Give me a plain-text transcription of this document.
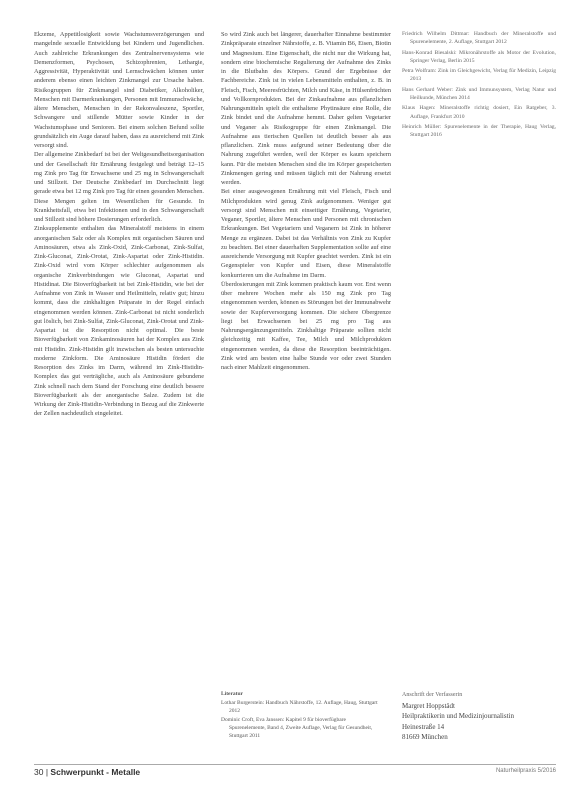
Ekzeme, Appetitlosigkeit sowie Wachstumsverzögerungen und mangelnde sexuelle Entwicklung bei Kindern und Jugendlichen. Auch zahlreiche Erkrankungen des Zentralnervensystems wie Demenzformen, Psychosen, Schizophrenien, Lethargie, Aggressivität, Hyperaktivität und Lernschwächen können unter anderem ebenso einen leichten Zinkmangel zur Ursache haben. Risikogruppen für Zinkmangel sind Diabetiker, Alkoholiker, Menschen mit Darmerkrankungen, Personen mit Immunschwäche, ältere Menschen, Menschen in der Rekonvaleszenz, Sportler, Schwangere und stillende Mütter sowie Kinder in der Wachstumsphase und Senioren. Bei einem solchen Befund sollte grundsätzlich ein Auge darauf haben, dass zu ausreichend mit Zink versorgt sind.

Der allgemeine Zinkbedarf ist bei der Weltgesundheitsorganisation und der Gesellschaft für Ernährung festgelegt und beträgt 12–15 mg Zink pro Tag für Erwachsene und 25 mg in Schwangerschaft und Stillzeit. Der Deutsche Zinkbedarf im Durchschnitt liegt gerade etwa bei 12 mg Zink pro Tag für einen gesunden Menschen. Diese Mengen gelten im Wesentlichen für Gesunde. In Krankheitsfall, etwa bei Infektionen und in den Schwangerschaft und Stillzeit sind höhere Dosierungen erforderlich.

Zinksupplemente enthalten das Mineralstoff meistens in einem anorganischen Salz oder als Komplex mit organischen Säuren und Aminosäuren, etwa als Zink-Oxid, Zink-Carbonat, Zink-Sulfat, Zink-Gluconat, Zink-Orotat, Zink-Aspartat oder Zink-Histidin. Zink-Oxid wird vom Körper schlechter aufgenommen als organische Zinkverbindungen wie Gluconat, Aspartat und Histidinat. Die Bioverfügbarkeit ist bei Zink-Histidin, wie bei der Aufnahme von Zink in Wasser und Heilmitteln, relativ gut; hinzu kommt, dass die zinkhaltigen Präparate in der Regel einfach eingenommen werden können. Zink-Carbonat ist nicht sonderlich gut löslich, bei Zink-Sulfat, Zink-Gluconat, Zink-Orotat und Zink-Aspartat ist die Resorption nicht optimal. Die beste Bioverfügbarkeit von Zinkaminosäuren hat der Komplex aus Zink mit Histidin. Zink-Histidin gilt inzwischen als besten untersuchte moderne Zinkform. Die Aminosäure Histidin fördert die Resorption des Zinks im Darm, während im Zink-Histidin-Komplex das gut verträgliche, auch als Aminosäure gebundene Zink schnell nach dem Stand der Forschung eine deutlich bessere Bioverfügbarkeit als der anorganische Salze. Zudem ist die Wirkung der Zink-Histidin-Verbindung in Bezug auf die Zinkwerte der Zellen nachdeutlich eingeleitet.

So wird Zink auch bei längerer, dauerhafter Einnahme bestimmter Zinkpräparate einzelner Nährstoffe, z. B. Vitamin B6, Eisen, Biotin und Magnesium. Eine Eigenschaft, die nicht nur die Wirkung hat, sondern eine biochemische Regulierung der Aufnahme des Zinks in die Blutbahn des Körpers. Grund der Ergebnisse der Fachbereiche. Zink ist in vielen Lebensmitteln enthalten, z. B. in Fleisch, Fisch, Meeresfrüchten, Milch und Käse, in Hülsenfrüchten und Vollkornprodukten. Bei der Zinkaufnahme aus pflanzlichen Nahrungsmitteln spielt die enthaltene Phytinsäure eine Rolle, die Zink bindet und die Aufnahme hemmt. Daher gelten Vegetarier und Veganer als Risikogruppe für einen Zinkmangel. Die Aufnahme aus tierischen Quellen ist deutlich besser als aus pflanzlichen. Zink muss aufgrund seiner Bedeutung über die Nahrung zugeführt werden, weil der Körper es kaum speichern kann. Für die meisten Menschen sind die im Körper gespeicherten Zinkmengen gering und müssen täglich mit der Nahrung ersetzt werden.

Bei einer ausgewogenen Ernährung mit viel Fleisch, Fisch und Milchprodukten wird genug Zink aufgenommen. Weniger gut versorgt sind Menschen mit einseitiger Ernährung, Vegetarier, Veganer, Sportler, ältere Menschen und Personen mit chronischen Erkrankungen. Bei Vegetariern und Veganern ist Zink in höherer Menge zu ergänzen. Dabei ist das Verhältnis von Zink zu Kupfer zu beachten. Bei einer dauerhaften Supplementation sollte auf eine ausreichende Versorgung mit Kupfer geachtet werden. Zink ist ein Gegenspieler von Kupfer und Eisen, diese Mineralstoffe konkurrieren um die Aufnahme im Darm.

Überdosierungen mit Zink kommen praktisch kaum vor. Erst wenn über mehrere Wochen mehr als 150 mg Zink pro Tag eingenommen werden, können es Störungen bei der Immunabwehr sowie der Kupferversorgung kommen. Die sichere Obergrenze liegt bei Erwachsenen bei 25 mg pro Tag aus Nahrungsergänzungsmitteln. Zinkhaltige Präparate sollten nicht gleichzeitig mit Kaffee, Tee, Milch und Milchprodukten eingenommen werden, da diese die Resorption beeinträchtigen. Zink wird am besten eine halbe Stunde vor oder zwei Stunden nach einer Mahlzeit eingenommen.

Literatur

Lothar Burgerstein: Handbuch Nährstoffe, 12. Auflage, Haug, Stuttgart 2012

Dominic Croft, Eva Janssen: Kapitel 9 für bioverfügbare Spurenelemente, Band 4, Zweite Auflage, Verlag für Gesundheit, Stuttgart 2011

Friedrich Wilhelm Dittmar: Handbuch der Mineralstoffe und Spurenelemente, 2. Auflage, Stuttgart 2012

Hans-Konrad Biesalski: Mikronährstoffe als Motor der Evolution, Springer Verlag, Berlin 2015

Petra Wolfram: Zink im Gleichgewicht, Verlag für Medizin, Leipzig 2013

Hans Gerhard Weber: Zink und Immunsystem, Verlag Natur und Heilkunde, München 2014

Klaus Hagen: Mineralstoffe richtig dosiert, Ein Ratgeber, 3. Auflage, Frankfurt 2010

Heinrich Müller: Spurenelemente in der Therapie, Haug Verlag, Stuttgart 2016

Anschrift der Verfasserin
Margret Hoppstädt
Heilpraktikerin und Medizinjournalistin
Heinestraße 14
81669 München
30 | Schwerpunkt - Metalle	Naturheilpraxis 5/2016
